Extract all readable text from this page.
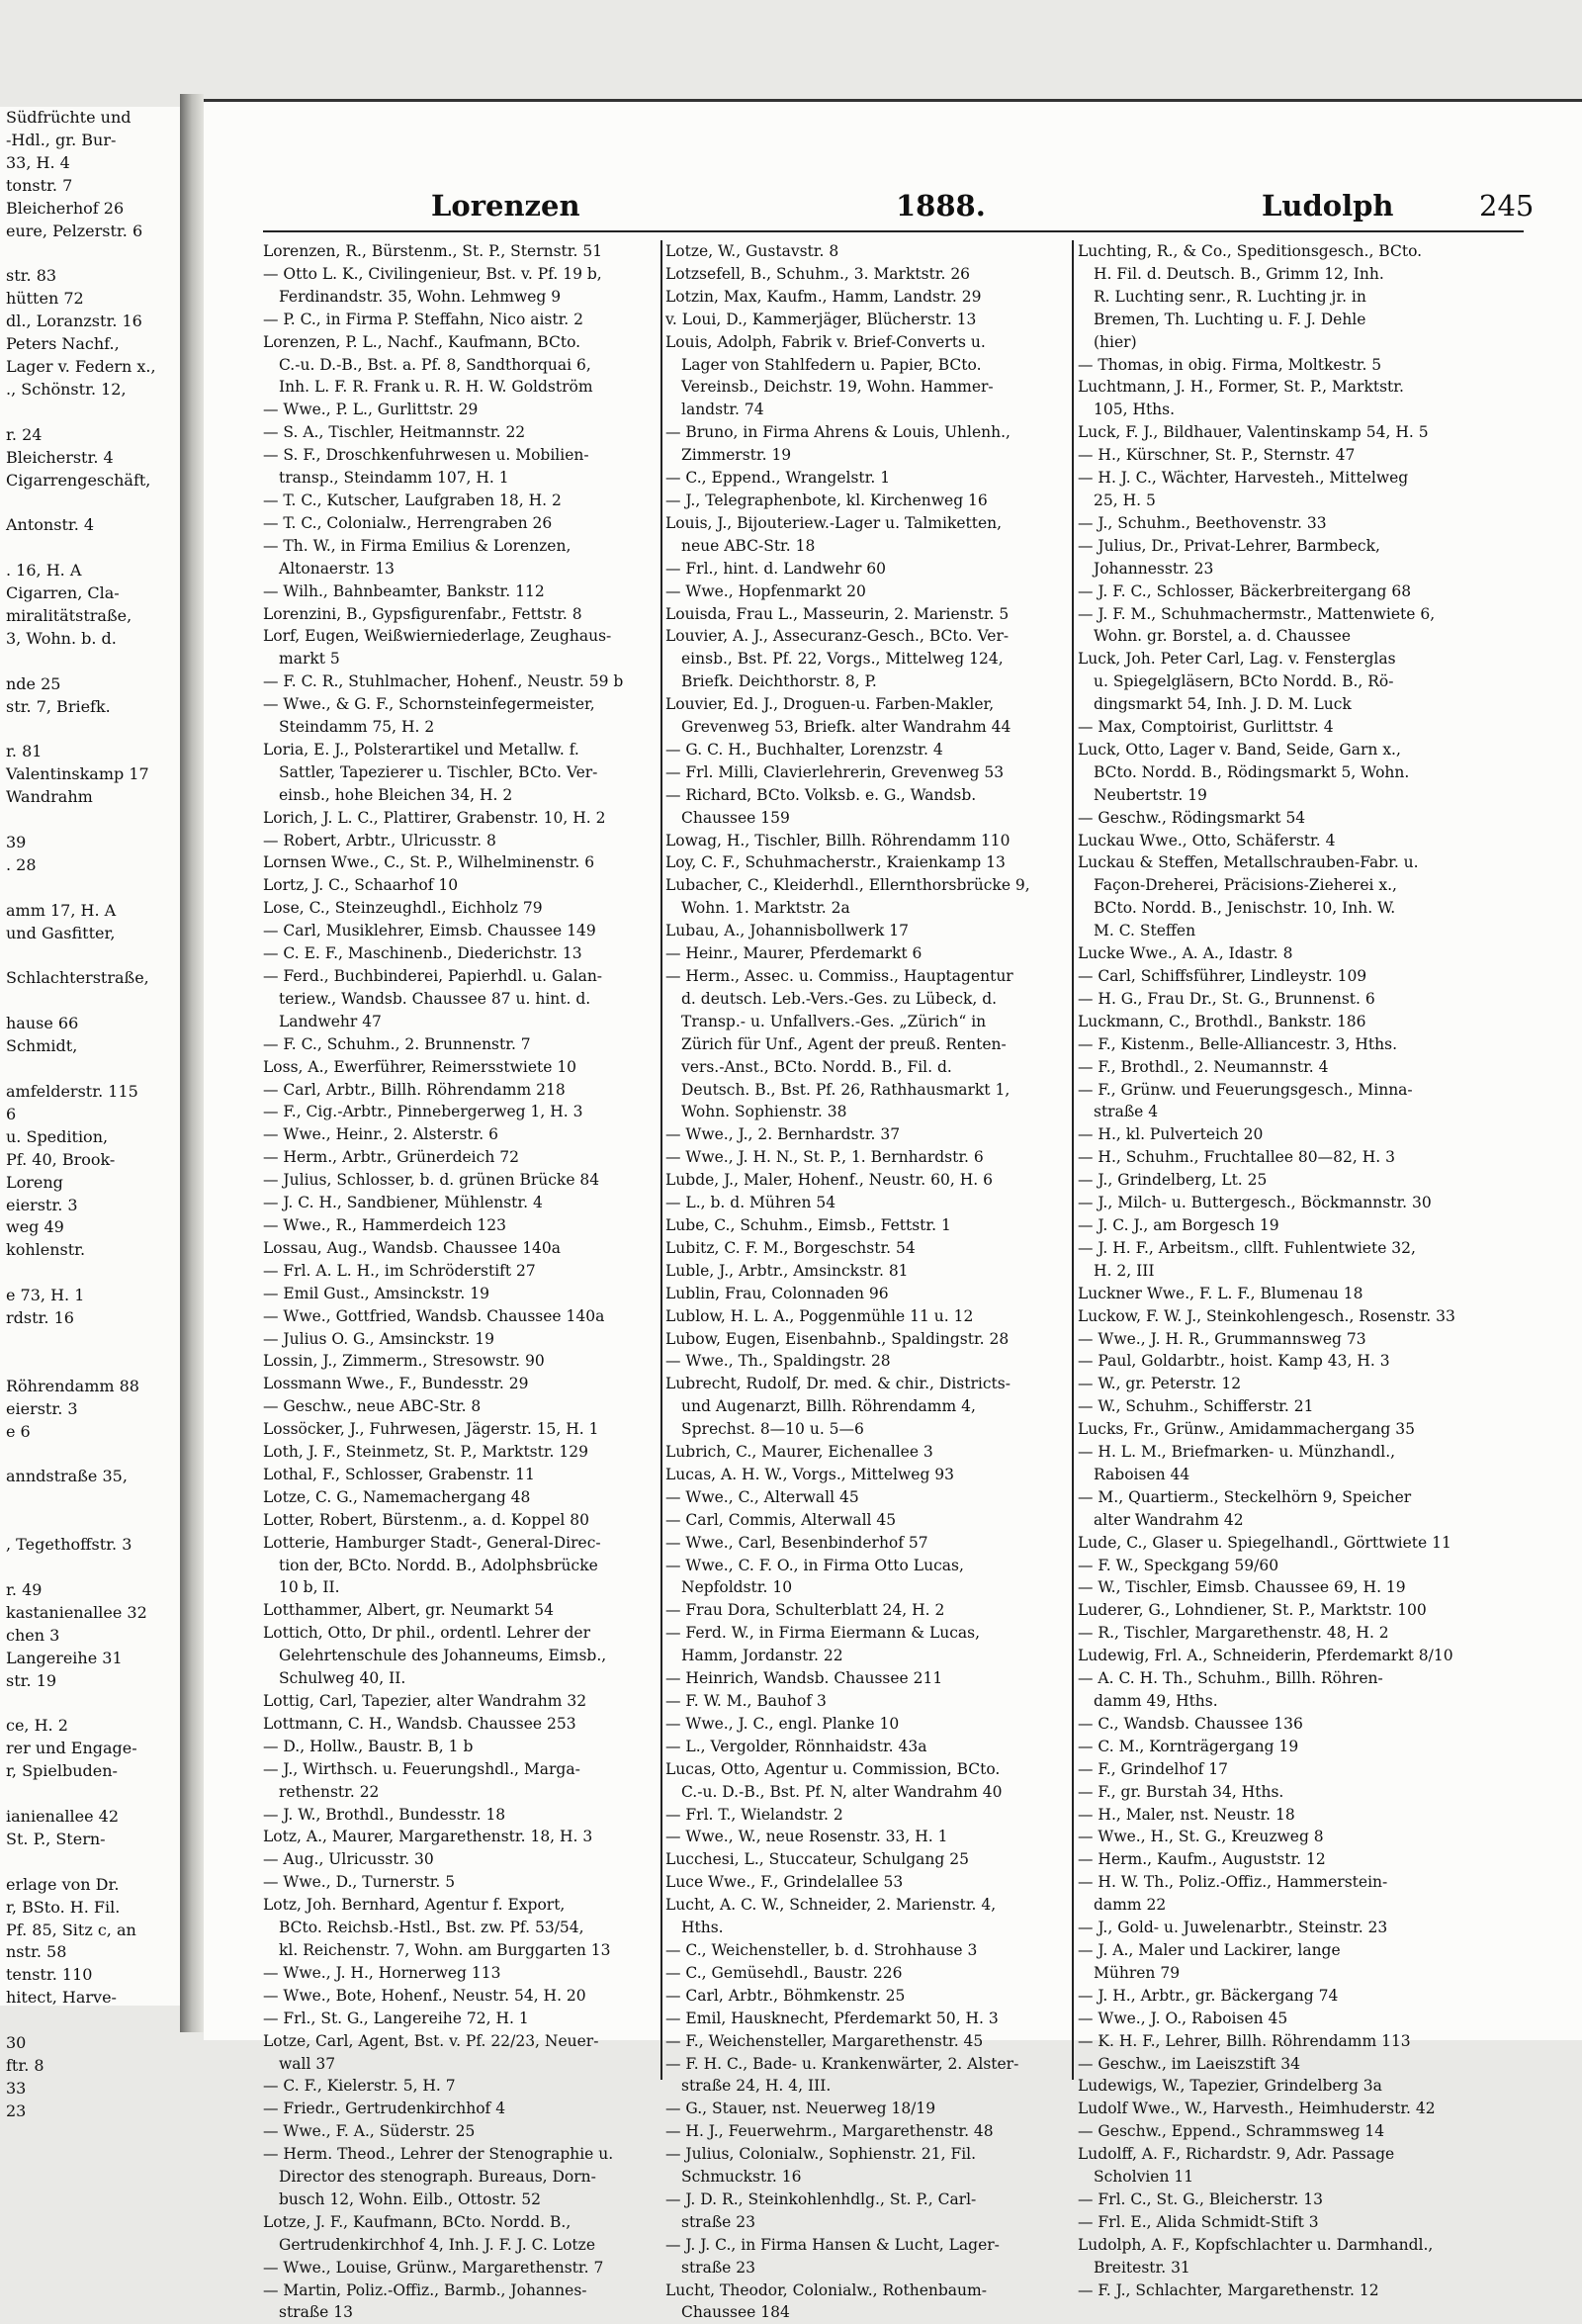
Südfrüchte und
-Hdl., gr. Bur-
33, H. 4
tonstr. 7
Bleicherhof 26
eure, Pelzerstr. 6

str. 83
hütten 72
dl., Loranzstr. 16
Peters Nachf.,
Lager v. Federn x.,
., Schönstr. 12,

r. 24
Bleicherstr. 4
Cigarrengeschäft,

Antonstr. 4

. 16, H. A
Cigarren, Cla-
miralitätstraße,
3, Wohn. b. d.

nde 25
str. 7, Briefk.

r. 81
Valentinskamp 17
Wandrahm

39
. 28

amm 17, H. A
und Gasfitter,

Schlachterstraße,

hause 66
Schmidt,

amfelderstr. 115
6
u. Spedition,
Pf. 40, Brook-
Loreng
eierstr. 3
weg 49
kohlenstr.

e 73, H. 1
rdstr. 16

Röhrendamm 88
eierstr. 3
e 6

anndstraße 35,

, Tegethoffstr. 3

r. 49
kastanienallee 32
chen 3
Langereihe 31
str. 19

ce, H. 2
rer und Engage-
r, Spielbuden-

ianienallee 42
St. P., Stern-

erlage von Dr.
r, BSto. H. Fil.
Pf. 85, Sitz c, an
nstr. 58
tenstr. 110
hitect, Harve-

30
ftr. 8
33
23
Lorenzen	1888.	Ludolph	245
Lorenzen, R., Bürstenm., St. P., Sternstr. 51
— Otto L. K., Civilingenieur, Bst. v. Pf. 19 b,
Ferdinandstr. 35, Wohn. Lehmweg 9
— P. C., in Firma P. Steffahn, Nico aistr. 2
Lorenzen, P. L., Nachf., Kaufmann, BCto.
C.-u. D.-B., Bst. a. Pf. 8, Sandthorquai 6,
Inh. L. F. R. Frank u. R. H. W. Goldström
— Wwe., P. L., Gurlittstr. 29
— S. A., Tischler, Heitmannstr. 22
— S. F., Droschkenfuhrwesen u. Mobilien-
transp., Steindamm 107, H. 1
— T. C., Kutscher, Laufgraben 18, H. 2
— T. C., Colonialw., Herrengraben 26
— Th. W., in Firma Emilius & Lorenzen,
Altonaerstr. 13
— Wilh., Bahnbeamter, Bankstr. 112
Lorenzini, B., Gypsfigurenfabr., Fettstr. 8
Lorf, Eugen, Weißwierniederlage, Zeughaus-
markt 5
— F. C. R., Stuhlmacher, Hohenf., Neustr. 59 b
— Wwe., & G. F., Schornsteinfegermeister,
Steindamm 75, H. 2
Loria, E. J., Polsterartikel und Metallw. f.
Sattler, Tapezierer u. Tischler, BCto. Ver-
einsb., hohe Bleichen 34, H. 2
Lorich, J. L. C., Plattirer, Grabenstr. 10, H. 2
— Robert, Arbtr., Ulricusstr. 8
Lornsen Wwe., C., St. P., Wilhelminenstr. 6
Lortz, J. C., Schaarhof 10
Lose, C., Steinzeughdl., Eichholz 79
— Carl, Musiklehrer, Eimsb. Chaussee 149
— C. E. F., Maschinenb., Diederichstr. 13
— Ferd., Buchbinderei, Papierhdl. u. Galan-
teriew., Wandsb. Chaussee 87 u. hint. d.
Landwehr 47
— F. C., Schuhm., 2. Brunnenstr. 7
Loss, A., Ewerführer, Reimersstwiete 10
— Carl, Arbtr., Billh. Röhrendamm 218
— F., Cig.-Arbtr., Pinnebergerweg 1, H. 3
— Wwe., Heinr., 2. Alsterstr. 6
— Herm., Arbtr., Grünerdeich 72
— Julius, Schlosser, b. d. grünen Brücke 84
— J. C. H., Sandbiener, Mühlenstr. 4
— Wwe., R., Hammerdeich 123
Lossau, Aug., Wandsb. Chaussee 140a
— Frl. A. L. H., im Schröderstift 27
— Emil Gust., Amsinckstr. 19
— Wwe., Gottfried, Wandsb. Chaussee 140a
— Julius O. G., Amsinckstr. 19
Lossin, J., Zimmerm., Stresowstr. 90
Lossmann Wwe., F., Bundesstr. 29
— Geschw., neue ABC-Str. 8
Lossöcker, J., Fuhrwesen, Jägerstr. 15, H. 1
Loth, J. F., Steinmetz, St. P., Marktstr. 129
Lothal, F., Schlosser, Grabenstr. 11
Lotze, C. G., Namemachergang 48
Lotter, Robert, Bürstenm., a. d. Koppel 80
Lotterie, Hamburger Stadt-, General-Direc-
tion der, BCto. Nordd. B., Adolphsbrücke
10 b, II.
Lotthammer, Albert, gr. Neumarkt 54
Lottich, Otto, Dr phil., ordentl. Lehrer der
Gelehrtenschule des Johanneums, Eimsb.,
Schulweg 40, II.
Lottig, Carl, Tapezier, alter Wandrahm 32
Lottmann, C. H., Wandsb. Chaussee 253
— D., Hollw., Baustr. B, 1 b
— J., Wirthsch. u. Feuerungshdl., Marga-
rethenstr. 22
— J. W., Brothdl., Bundesstr. 18
Lotz, A., Maurer, Margarethenstr. 18, H. 3
— Aug., Ulricusstr. 30
— Wwe., D., Turnerstr. 5
Lotz, Joh. Bernhard, Agentur f. Export,
BCto. Reichsb.-Hstl., Bst. zw. Pf. 53/54,
kl. Reichenstr. 7, Wohn. am Burggarten 13
— Wwe., J. H., Hornerweg 113
— Wwe., Bote, Hohenf., Neustr. 54, H. 20
— Frl., St. G., Langereihe 72, H. 1
Lotze, Carl, Agent, Bst. v. Pf. 22/23, Neuer-
wall 37
— C. F., Kielerstr. 5, H. 7
— Friedr., Gertrudenkirchhof 4
— Wwe., F. A., Süderstr. 25
— Herm. Theod., Lehrer der Stenographie u.
Director des stenograph. Bureaus, Dorn-
busch 12, Wohn. Eilb., Ottostr. 52
Lotze, J. F., Kaufmann, BCto. Nordd. B.,
Gertrudenkirchhof 4, Inh. J. F. J. C. Lotze
— Wwe., Louise, Grünw., Margarethenstr. 7
— Martin, Poliz.-Offiz., Barmb., Johannes-
straße 13
Lotze, W., Gustavstr. 8
Lotzsefell, B., Schuhm., 3. Marktstr. 26
Lotzin, Max, Kaufm., Hamm, Landstr. 29
v. Loui, D., Kammerjäger, Blücherstr. 13
Louis, Adolph, Fabrik v. Brief-Converts u.
Lager von Stahlfedern u. Papier, BCto.
Vereinsb., Deichstr. 19, Wohn. Hammer-
landstr. 74
— Bruno, in Firma Ahrens & Louis, Uhlenh.,
Zimmerstr. 19
— C., Eppend., Wrangelstr. 1
— J., Telegraphenbote, kl. Kirchenweg 16
Louis, J., Bijouteriew.-Lager u. Talmiketten,
neue ABC-Str. 18
— Frl., hint. d. Landwehr 60
— Wwe., Hopfenmarkt 20
Louisda, Frau L., Masseurin, 2. Marienstr. 5
Louvier, A. J., Assecuranz-Gesch., BCto. Ver-
einsb., Bst. Pf. 22, Vorgs., Mittelweg 124,
Briefk. Deichthorstr. 8, P.
Louvier, Ed. J., Droguen-u. Farben-Makler,
Grevenweg 53, Briefk. alter Wandrahm 44
— G. C. H., Buchhalter, Lorenzstr. 4
— Frl. Milli, Clavierlehrerin, Grevenweg 53
— Richard, BCto. Volksb. e. G., Wandsb.
Chaussee 159
Lowag, H., Tischler, Billh. Röhrendamm 110
Loy, C. F., Schuhmacherstr., Kraienkamp 13
Lubacher, C., Kleiderhdl., Ellernthorsbrücke 9,
Wohn. 1. Marktstr. 2a
Lubau, A., Johannisbollwerk 17
— Heinr., Maurer, Pferdemarkt 6
— Herm., Assec. u. Commiss., Hauptagentur
d. deutsch. Leb.-Vers.-Ges. zu Lübeck, d.
Transp.- u. Unfallvers.-Ges. „Zürich“ in
Zürich für Unf., Agent der preuß. Renten-
vers.-Anst., BCto. Nordd. B., Fil. d.
Deutsch. B., Bst. Pf. 26, Rathhausmarkt 1,
Wohn. Sophienstr. 38
— Wwe., J., 2. Bernhardstr. 37
— Wwe., J. H. N., St. P., 1. Bernhardstr. 6
Lubde, J., Maler, Hohenf., Neustr. 60, H. 6
— L., b. d. Mühren 54
Lube, C., Schuhm., Eimsb., Fettstr. 1
Lubitz, C. F. M., Borgeschstr. 54
Luble, J., Arbtr., Amsinckstr. 81
Lublin, Frau, Colonnaden 96
Lublow, H. L. A., Poggenmühle 11 u. 12
Lubow, Eugen, Eisenbahnb., Spaldingstr. 28
— Wwe., Th., Spaldingstr. 28
Lubrecht, Rudolf, Dr. med. & chir., Districts-
und Augenarzt, Billh. Röhrendamm 4,
Sprechst. 8—10 u. 5—6
Lubrich, C., Maurer, Eichenallee 3
Lucas, A. H. W., Vorgs., Mittelweg 93
— Wwe., C., Alterwall 45
— Carl, Commis, Alterwall 45
— Wwe., Carl, Besenbinderhof 57
— Wwe., C. F. O., in Firma Otto Lucas,
Nepfoldstr. 10
— Frau Dora, Schulterblatt 24, H. 2
— Ferd. W., in Firma Eiermann & Lucas,
Hamm, Jordanstr. 22
— Heinrich, Wandsb. Chaussee 211
— F. W. M., Bauhof 3
— Wwe., J. C., engl. Planke 10
— L., Vergolder, Rönnhaidstr. 43a
Lucas, Otto, Agentur u. Commission, BCto.
C.-u. D.-B., Bst. Pf. N, alter Wandrahm 40
— Frl. T., Wielandstr. 2
— Wwe., W., neue Rosenstr. 33, H. 1
Lucchesi, L., Stuccateur, Schulgang 25
Luce Wwe., F., Grindelallee 53
Lucht, A. C. W., Schneider, 2. Marienstr. 4,
Hths.
— C., Weichensteller, b. d. Strohhause 3
— C., Gemüsehdl., Baustr. 226
— Carl, Arbtr., Böhmkenstr. 25
— Emil, Hausknecht, Pferdemarkt 50, H. 3
— F., Weichensteller, Margarethenstr. 45
— F. H. C., Bade- u. Krankenwärter, 2. Alster-
straße 24, H. 4, III.
— G., Stauer, nst. Neuerweg 18/19
— H. J., Feuerwehrm., Margarethenstr. 48
— Julius, Colonialw., Sophienstr. 21, Fil.
Schmuckstr. 16
— J. D. R., Steinkohlenhdlg., St. P., Carl-
straße 23
— J. J. C., in Firma Hansen & Lucht, Lager-
straße 23
Lucht, Theodor, Colonialw., Rothenbaum-
Chaussee 184
Luchting, R., & Co., Speditionsgesch., BCto.
H. Fil. d. Deutsch. B., Grimm 12, Inh.
R. Luchting senr., R. Luchting jr. in
Bremen, Th. Luchting u. F. J. Dehle
(hier)
— Thomas, in obig. Firma, Moltkestr. 5
Luchtmann, J. H., Former, St. P., Marktstr.
105, Hths.
Luck, F. J., Bildhauer, Valentinskamp 54, H. 5
— H., Kürschner, St. P., Sternstr. 47
— H. J. C., Wächter, Harvesteh., Mittelweg
25, H. 5
— J., Schuhm., Beethovenstr. 33
— Julius, Dr., Privat-Lehrer, Barmbeck,
Johannesstr. 23
— J. F. C., Schlosser, Bäckerbreitergang 68
— J. F. M., Schuhmachermstr., Mattenwiete 6,
Wohn. gr. Borstel, a. d. Chaussee
Luck, Joh. Peter Carl, Lag. v. Fensterglas
u. Spiegelgläsern, BCto Nordd. B., Rö-
dingsmarkt 54, Inh. J. D. M. Luck
— Max, Comptoirist, Gurlittstr. 4
Luck, Otto, Lager v. Band, Seide, Garn x.,
BCto. Nordd. B., Rödingsmarkt 5, Wohn.
Neubertstr. 19
— Geschw., Rödingsmarkt 54
Luckau Wwe., Otto, Schäferstr. 4
Luckau & Steffen, Metallschrauben-Fabr. u.
Façon-Dreherei, Präcisions-Zieherei x.,
BCto. Nordd. B., Jenischstr. 10, Inh. W.
M. C. Steffen
Lucke Wwe., A. A., Idastr. 8
— Carl, Schiffsführer, Lindleystr. 109
— H. G., Frau Dr., St. G., Brunnenst. 6
Luckmann, C., Brothdl., Bankstr. 186
— F., Kistenm., Belle-Alliancestr. 3, Hths.
— F., Brothdl., 2. Neumannstr. 4
— F., Grünw. und Feuerungsgesch., Minna-
straße 4
— H., kl. Pulverteich 20
— H., Schuhm., Fruchtallee 80—82, H. 3
— J., Grindelberg, Lt. 25
— J., Milch- u. Buttergesch., Böckmannstr. 30
— J. C. J., am Borgesch 19
— J. H. F., Arbeitsm., cllft. Fuhlentwiete 32,
H. 2, III
Luckner Wwe., F. L. F., Blumenau 18
Luckow, F. W. J., Steinkohlengesch., Rosenstr. 33
— Wwe., J. H. R., Grummannsweg 73
— Paul, Goldarbtr., hoist. Kamp 43, H. 3
— W., gr. Peterstr. 12
— W., Schuhm., Schifferstr. 21
Lucks, Fr., Grünw., Amidammachergang 35
— H. L. M., Briefmarken- u. Münzhandl.,
Raboisen 44
— M., Quartierm., Steckelhörn 9, Speicher
alter Wandrahm 42
Lude, C., Glaser u. Spiegelhandl., Görttwiete 11
— F. W., Speckgang 59/60
— W., Tischler, Eimsb. Chaussee 69, H. 19
Luderer, G., Lohndiener, St. P., Marktstr. 100
— R., Tischler, Margarethenstr. 48, H. 2
Ludewig, Frl. A., Schneiderin, Pferdemarkt 8/10
— A. C. H. Th., Schuhm., Billh. Röhren-
damm 49, Hths.
— C., Wandsb. Chaussee 136
— C. M., Kornträgergang 19
— F., Grindelhof 17
— F., gr. Burstah 34, Hths.
— H., Maler, nst. Neustr. 18
— Wwe., H., St. G., Kreuzweg 8
— Herm., Kaufm., Auguststr. 12
— H. W. Th., Poliz.-Offiz., Hammerstein-
damm 22
— J., Gold- u. Juwelenarbtr., Steinstr. 23
— J. A., Maler und Lackirer, lange
Mühren 79
— J. H., Arbtr., gr. Bäckergang 74
— Wwe., J. O., Raboisen 45
— K. H. F., Lehrer, Billh. Röhrendamm 113
— Geschw., im Laeiszstift 34
Ludewigs, W., Tapezier, Grindelberg 3a
Ludolf Wwe., W., Harvesth., Heimhuderstr. 42
— Geschw., Eppend., Schrammsweg 14
Ludolff, A. F., Richardstr. 9, Adr. Passage
Scholvien 11
— Frl. C., St. G., Bleicherstr. 13
— Frl. E., Alida Schmidt-Stift 3
Ludolph, A. F., Kopfschlachter u. Darmhandl.,
Breitestr. 31
— F. J., Schlachter, Margarethenstr. 12
